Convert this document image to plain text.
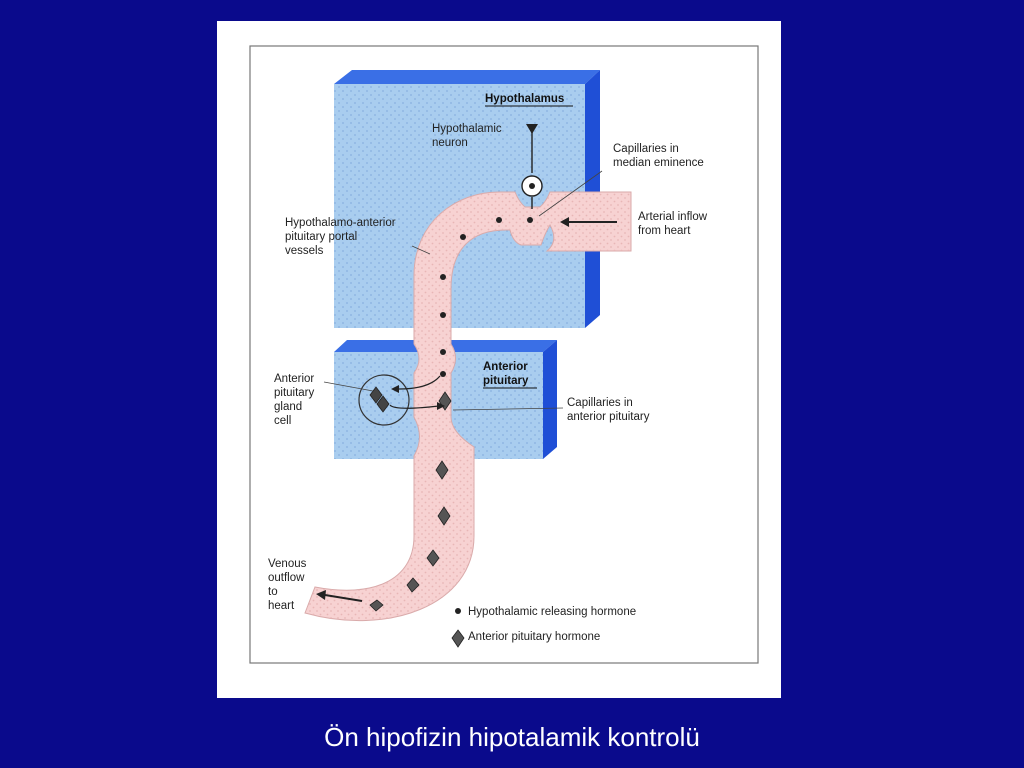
Hypothalamus
Anterior
pituitary
Hypothalamic neuron	Capillaries in median eminence
Hypothalamo-anterior pituitary portal vessels
Arterial inflow from heart
Anterior pituitary gland cell
Capillaries in anterior pituitary
Venous outflow to heart	Hypothalamic releasing hormone
Anterior pituitary hormone
Ön hipofizin hipotalamik kontrolü
